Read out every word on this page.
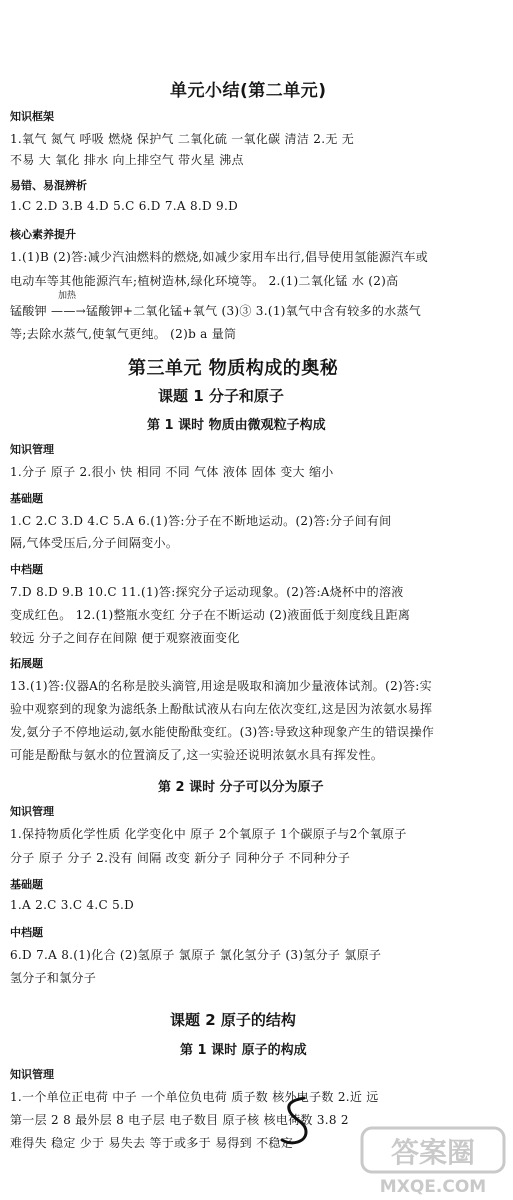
单元小结(第二单元)
知识框架
1.氧气 氮气 呼吸 燃烧 保护气 二氧化硫 一氧化碳 清洁 2.无 无
不易 大 氧化 排水 向上排空气 带火星 沸点
易错、易混辨析
1.C 2.D 3.B 4.D 5.C 6.D 7.A 8.D 9.D
核心素养提升
1.(1)B (2)答:减少汽油燃料的燃烧,如减少家用车出行,倡导使用氢能源汽车或
电动车等其他能源汽车;植树造林,绿化环境等。 2.(1)二氧化锰 水 (2)高
加热
锰酸钾 ——→锰酸钾+二氧化锰+氧气 (3)③ 3.(1)氧气中含有较多的水蒸气
等;去除水蒸气,使氧气更纯。 (2)b a 量筒
第三单元 物质构成的奥秘
课题 1 分子和原子
第 1 课时 物质由微观粒子构成
知识管理
1.分子 原子 2.很小 快 相同 不同 气体 液体 固体 变大 缩小
基础题
1.C 2.C 3.D 4.C 5.A 6.(1)答:分子在不断地运动。(2)答:分子间有间
隔,气体受压后,分子间隔变小。
中档题
7.D 8.D 9.B 10.C 11.(1)答:探究分子运动现象。(2)答:A烧杯中的溶液
变成红色。 12.(1)整瓶水变红 分子在不断运动 (2)液面低于刻度线且距离
较远 分子之间存在间隙 便于观察液面变化
拓展题
13.(1)答:仪器A的名称是胶头滴管,用途是吸取和滴加少量液体试剂。(2)答:实
验中观察到的现象为滤纸条上酚酞试液从右向左依次变红,这是因为浓氨水易挥
发,氨分子不停地运动,氨水能使酚酞变红。(3)答:导致这种现象产生的错误操作
可能是酚酞与氨水的位置滴反了,这一实验还说明浓氨水具有挥发性。
第 2 课时 分子可以分为原子
知识管理
1.保持物质化学性质 化学变化中 原子 2个氧原子 1个碳原子与2个氧原子
分子 原子 分子 2.没有 间隔 改变 新分子 同种分子 不同种分子
基础题
1.A 2.C 3.C 4.C 5.D
中档题
6.D 7.A 8.(1)化合 (2)氢原子 氯原子 氯化氢分子 (3)氢分子 氯原子
氢分子和氯分子
课题 2 原子的结构
第 1 课时 原子的构成
知识管理
1.一个单位正电荷 中子 一个单位负电荷 质子数 核外电子数 2.近 远
第一层 2 8 最外层 8 电子层 电子数目 原子核 核电荷数 3.8 2
难得失 稳定 少于 易失去 等于或多于 易得到 不稳定	答案圈
MXQE.COM
